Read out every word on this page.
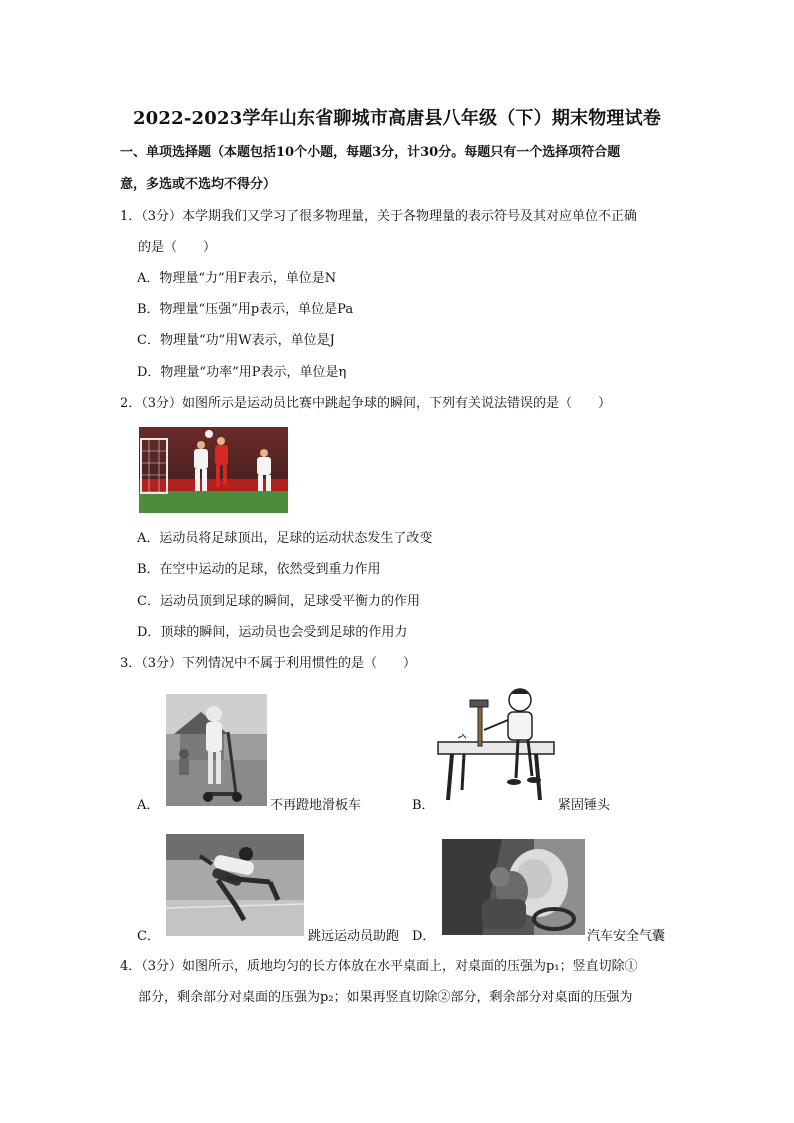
2022-2023学年山东省聊城市高唐县八年级（下）期末物理试卷
一、单项选择题（本题包括10个小题，每题3分，计30分。每题只有一个选择项符合题
意，多选或不选均不得分）
1．（3分）本学期我们又学习了很多物理量，关于各物理量的表示符号及其对应单位不正确
的是（　　）
A．物理量“力”用F表示，单位是N
B．物理量“压强”用p表示，单位是Pa
C．物理量“功”用W表示，单位是J
D．物理量“功率”用P表示，单位是η
2．（3分）如图所示是运动员比赛中跳起争球的瞬间，下列有关说法错误的是（　　）
A．运动员将足球顶出，足球的运动状态发生了改变
B．在空中运动的足球，依然受到重力作用
C．运动员顶到足球的瞬间，足球受平衡力的作用
D．顶球的瞬间，运动员也会受到足球的作用力
3．（3分）下列情况中不属于利用惯性的是（　　）
A．	不再蹬地滑板车	B．	紧固锤头
C．	跳远运动员助跑 D．	汽车安全气囊
4．（3分）如图所示，质地均匀的长方体放在水平桌面上，对桌面的压强为p₁；竖直切除①
部分，剩余部分对桌面的压强为p₂；如果再竖直切除②部分，剩余部分对桌面的压强为
